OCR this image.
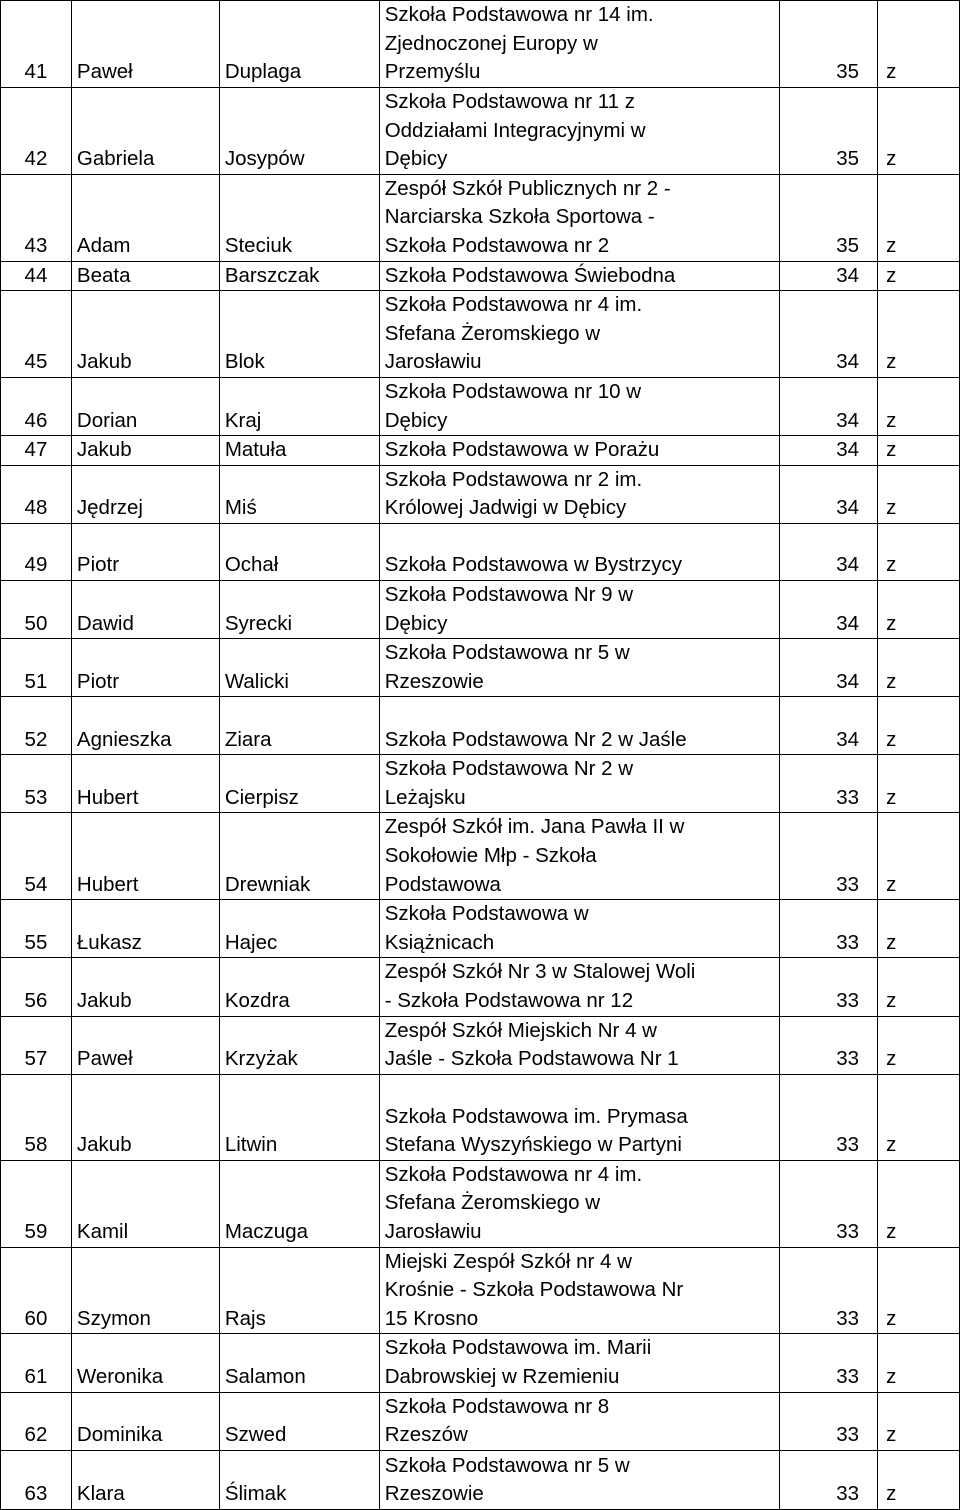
41	Paweł	Duplaga	Szkoła Podstawowa nr 14 im.
Zjednoczonej Europy w
Przemyślu	35	z
42	Gabriela	Josypów	Szkoła Podstawowa nr 11 z
Oddziałami Integracyjnymi w
Dębicy	35	z
43	Adam	Steciuk	Zespół Szkół Publicznych nr 2 -
Narciarska Szkoła Sportowa -
Szkoła Podstawowa nr 2	35	z
44	Beata	Barszczak	Szkoła Podstawowa Świebodna	34	z
45	Jakub	Blok	Szkoła Podstawowa nr 4 im.
Sfefana Żeromskiego w
Jarosławiu	34	z
46	Dorian	Kraj	Szkoła Podstawowa nr 10 w
Dębicy	34	z
47	Jakub	Matuła	Szkoła Podstawowa w Porażu	34	z
48	Jędrzej	Miś	Szkoła Podstawowa nr 2 im.
Królowej Jadwigi w Dębicy	34	z
49	Piotr	Ochał	Szkoła Podstawowa w Bystrzycy	34	z
50	Dawid	Syrecki	Szkoła Podstawowa Nr 9 w
Dębicy	34	z
51	Piotr	Walicki	Szkoła Podstawowa nr 5 w
Rzeszowie	34	z
52	Agnieszka	Ziara	Szkoła Podstawowa Nr 2 w Jaśle	34	z
53	Hubert	Cierpisz	Szkoła Podstawowa Nr 2 w
Leżajsku	33	z
54	Hubert	Drewniak	Zespół Szkół im. Jana Pawła II w
Sokołowie Młp - Szkoła
Podstawowa	33	z
55	Łukasz	Hajec	Szkoła Podstawowa w
Książnicach	33	z
56	Jakub	Kozdra	Zespół Szkół Nr 3 w Stalowej Woli
- Szkoła Podstawowa nr 12	33	z
57	Paweł	Krzyżak	Zespół Szkół Miejskich Nr 4 w
Jaśle - Szkoła Podstawowa Nr 1	33	z
58	Jakub	Litwin	Szkoła Podstawowa im. Prymasa
Stefana Wyszyńskiego w Partyni	33	z
59	Kamil	Maczuga	Szkoła Podstawowa nr 4 im.
Sfefana Żeromskiego w
Jarosławiu	33	z
60	Szymon	Rajs	Miejski Zespół Szkół nr 4 w
Krośnie - Szkoła Podstawowa Nr
15 Krosno	33	z
61	Weronika	Salamon	Szkoła Podstawowa im. Marii
Dabrowskiej w Rzemieniu	33	z
62	Dominika	Szwed	Szkoła Podstawowa nr 8
Rzeszów	33	z
63	Klara	Ślimak	Szkoła Podstawowa nr 5 w
Rzeszowie	33	z
